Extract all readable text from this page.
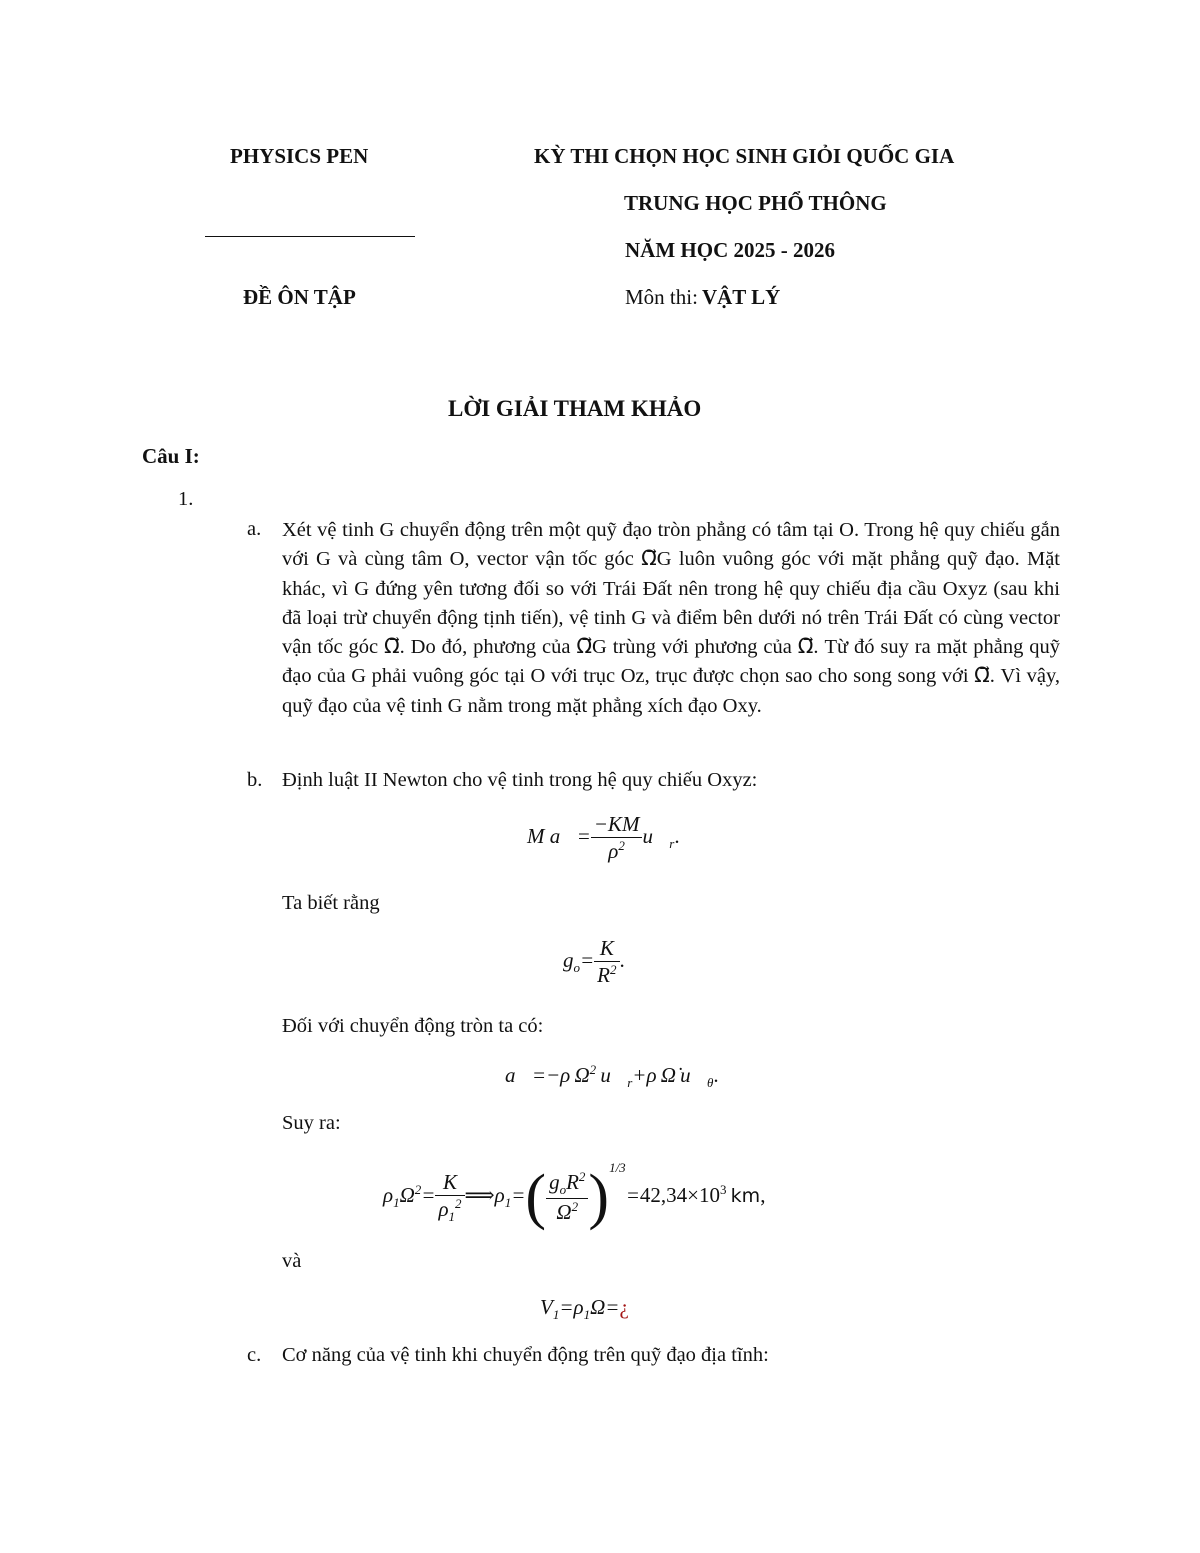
PHYSICS PEN	KỲ THI CHỌN HỌC SINH GIỎI QUỐC GIA
TRUNG HỌC PHỔ THÔNG
NĂM HỌC 2025 - 2026
ĐỀ ÔN TẬP	Môn thi: VẬT LÝ
LỜI GIẢI THAM KHẢO
Câu I:
1.
a. Xét vệ tinh G chuyển động trên một quỹ đạo tròn phẳng có tâm tại O. Trong hệ quy chiếu gắn với G và cùng tâm O, vector vận tốc góc Ω⃗G luôn vuông góc với mặt phẳng quỹ đạo. Mặt khác, vì G đứng yên tương đối so với Trái Đất nên trong hệ quy chiếu địa cầu Oxyz (sau khi đã loại trừ chuyển động tịnh tiến), vệ tinh G và điểm bên dưới nó trên Trái Đất có cùng vector vận tốc góc Ω⃗. Do đó, phương của Ω⃗G trùng với phương của Ω⃗. Từ đó suy ra mặt phẳng quỹ đạo của G phải vuông góc tại O với trục Oz, trục được chọn sao cho song song với Ω⃗. Vì vậy, quỹ đạo của vệ tinh G nằm trong mặt phẳng xích đạo Oxy.
b. Định luật II Newton cho vệ tinh trong hệ quy chiếu Oxyz:
M a⃗= $\frac{-KM}{\rho^2}$ $u⃗_r$.
Ta biết rằng
$g_o= \frac{K}{R^2}$ .
Đối với chuyển động tròn ta có:
a⃗=−ρ $\Omega^2$  $u⃗_r+\rho$ Ω̇ $u⃗_\theta$.
Suy ra:
$\rho_1\Omega^2= \frac{K}{\rho_1^2}$ $⟹\rho_1=( \frac{g_oR^2}{\Omega^2} )^{1/3}=42,34\times 10^3$  km,
và
$V_1=\rho_1\Omega=¿$
c. Cơ năng của vệ tinh khi chuyển động trên quỹ đạo địa tĩnh:
